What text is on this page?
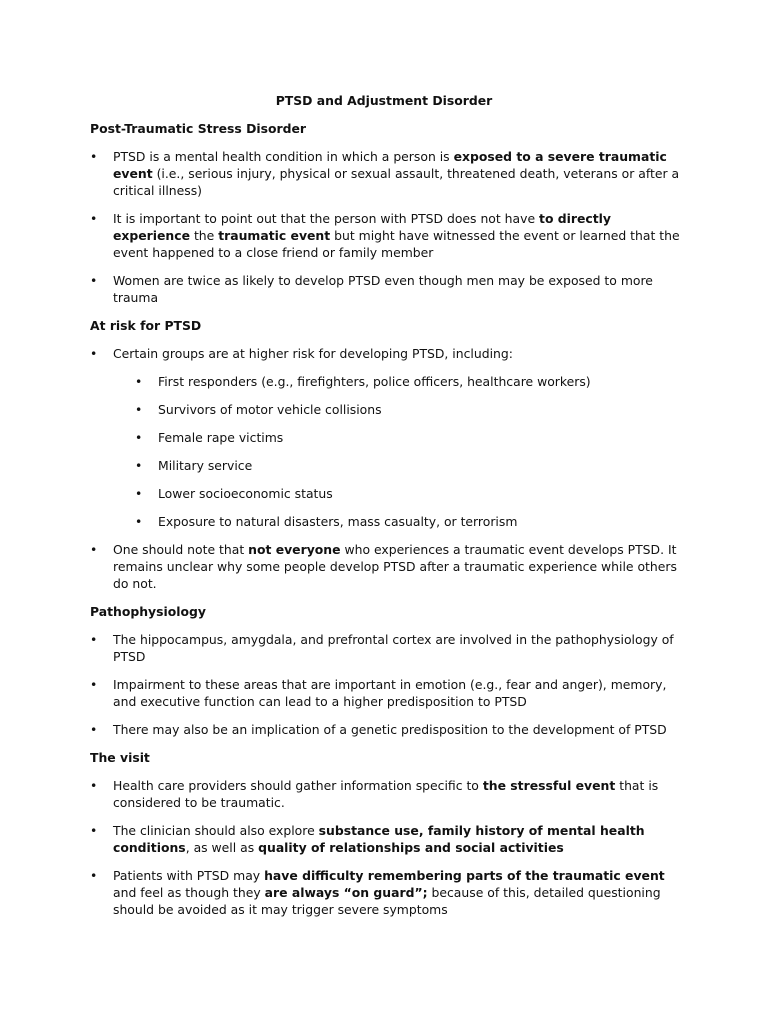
PTSD and Adjustment Disorder

Post-Traumatic Stress Disorder
• PTSD is a mental health condition in which a person is exposed to a severe traumatic event (i.e., serious injury, physical or sexual assault, threatened death, veterans or after a critical illness)
• It is important to point out that the person with PTSD does not have to directly experience the traumatic event but might have witnessed the event or learned that the event happened to a close friend or family member
• Women are twice as likely to develop PTSD even though men may be exposed to more trauma
At risk for PTSD
• Certain groups are at higher risk for developing PTSD, including:
• First responders (e.g., firefighters, police officers, healthcare workers)
• Survivors of motor vehicle collisions
• Female rape victims
• Military service
• Lower socioeconomic status
• Exposure to natural disasters, mass casualty, or terrorism
• One should note that not everyone who experiences a traumatic event develops PTSD. It remains unclear why some people develop PTSD after a traumatic experience while others do not.
Pathophysiology
• The hippocampus, amygdala, and prefrontal cortex are involved in the pathophysiology of PTSD
• Impairment to these areas that are important in emotion (e.g., fear and anger), memory, and executive function can lead to a higher predisposition to PTSD
• There may also be an implication of a genetic predisposition to the development of PTSD
The visit
• Health care providers should gather information specific to the stressful event that is considered to be traumatic.
• The clinician should also explore substance use, family history of mental health conditions, as well as quality of relationships and social activities
• Patients with PTSD may have difficulty remembering parts of the traumatic event and feel as though they are always “on guard”; because of this, detailed questioning should be avoided as it may trigger severe symptoms
